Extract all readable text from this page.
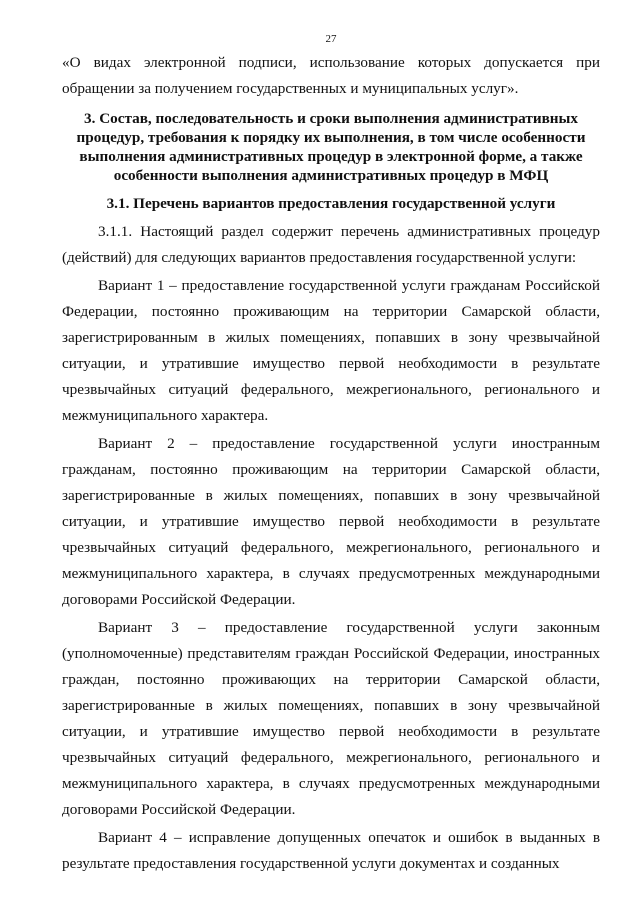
27

«О видах электронной подписи, использование которых допускается при обращении за получением государственных и муниципальных услуг».

3. Состав, последовательность и сроки выполнения административных процедур, требования к порядку их выполнения, в том числе особенности выполнения административных процедур в электронной форме, а также особенности выполнения административных процедур в МФЦ
3.1. Перечень вариантов предоставления государственной услуги

3.1.1. Настоящий раздел содержит перечень административных процедур (действий) для следующих вариантов предоставления государственной услуги:

Вариант 1 – предоставление государственной услуги гражданам Российской Федерации, постоянно проживающим на территории Самарской области, зарегистрированным в жилых помещениях, попавших в зону чрезвычайной ситуации, и утратившие имущество первой необходимости в результате чрезвычайных ситуаций федерального, межрегионального, регионального и межмуниципального характера.

Вариант 2 – предоставление государственной услуги иностранным гражданам, постоянно проживающим на территории Самарской области, зарегистрированные в жилых помещениях, попавших в зону чрезвычайной ситуации, и утратившие имущество первой необходимости в результате чрезвычайных ситуаций федерального, межрегионального, регионального и межмуниципального характера, в случаях предусмотренных международными договорами Российской Федерации.

Вариант 3 – предоставление государственной услуги законным (уполномоченные) представителям граждан Российской Федерации, иностранных граждан, постоянно проживающих на территории Самарской области, зарегистрированные в жилых помещениях, попавших в зону чрезвычайной ситуации, и утратившие имущество первой необходимости в результате чрезвычайных ситуаций федерального, межрегионального, регионального и межмуниципального характера, в случаях предусмотренных международными договорами Российской Федерации.

Вариант 4 – исправление допущенных опечаток и ошибок в выданных в результате предоставления государственной услуги документах и созданных
